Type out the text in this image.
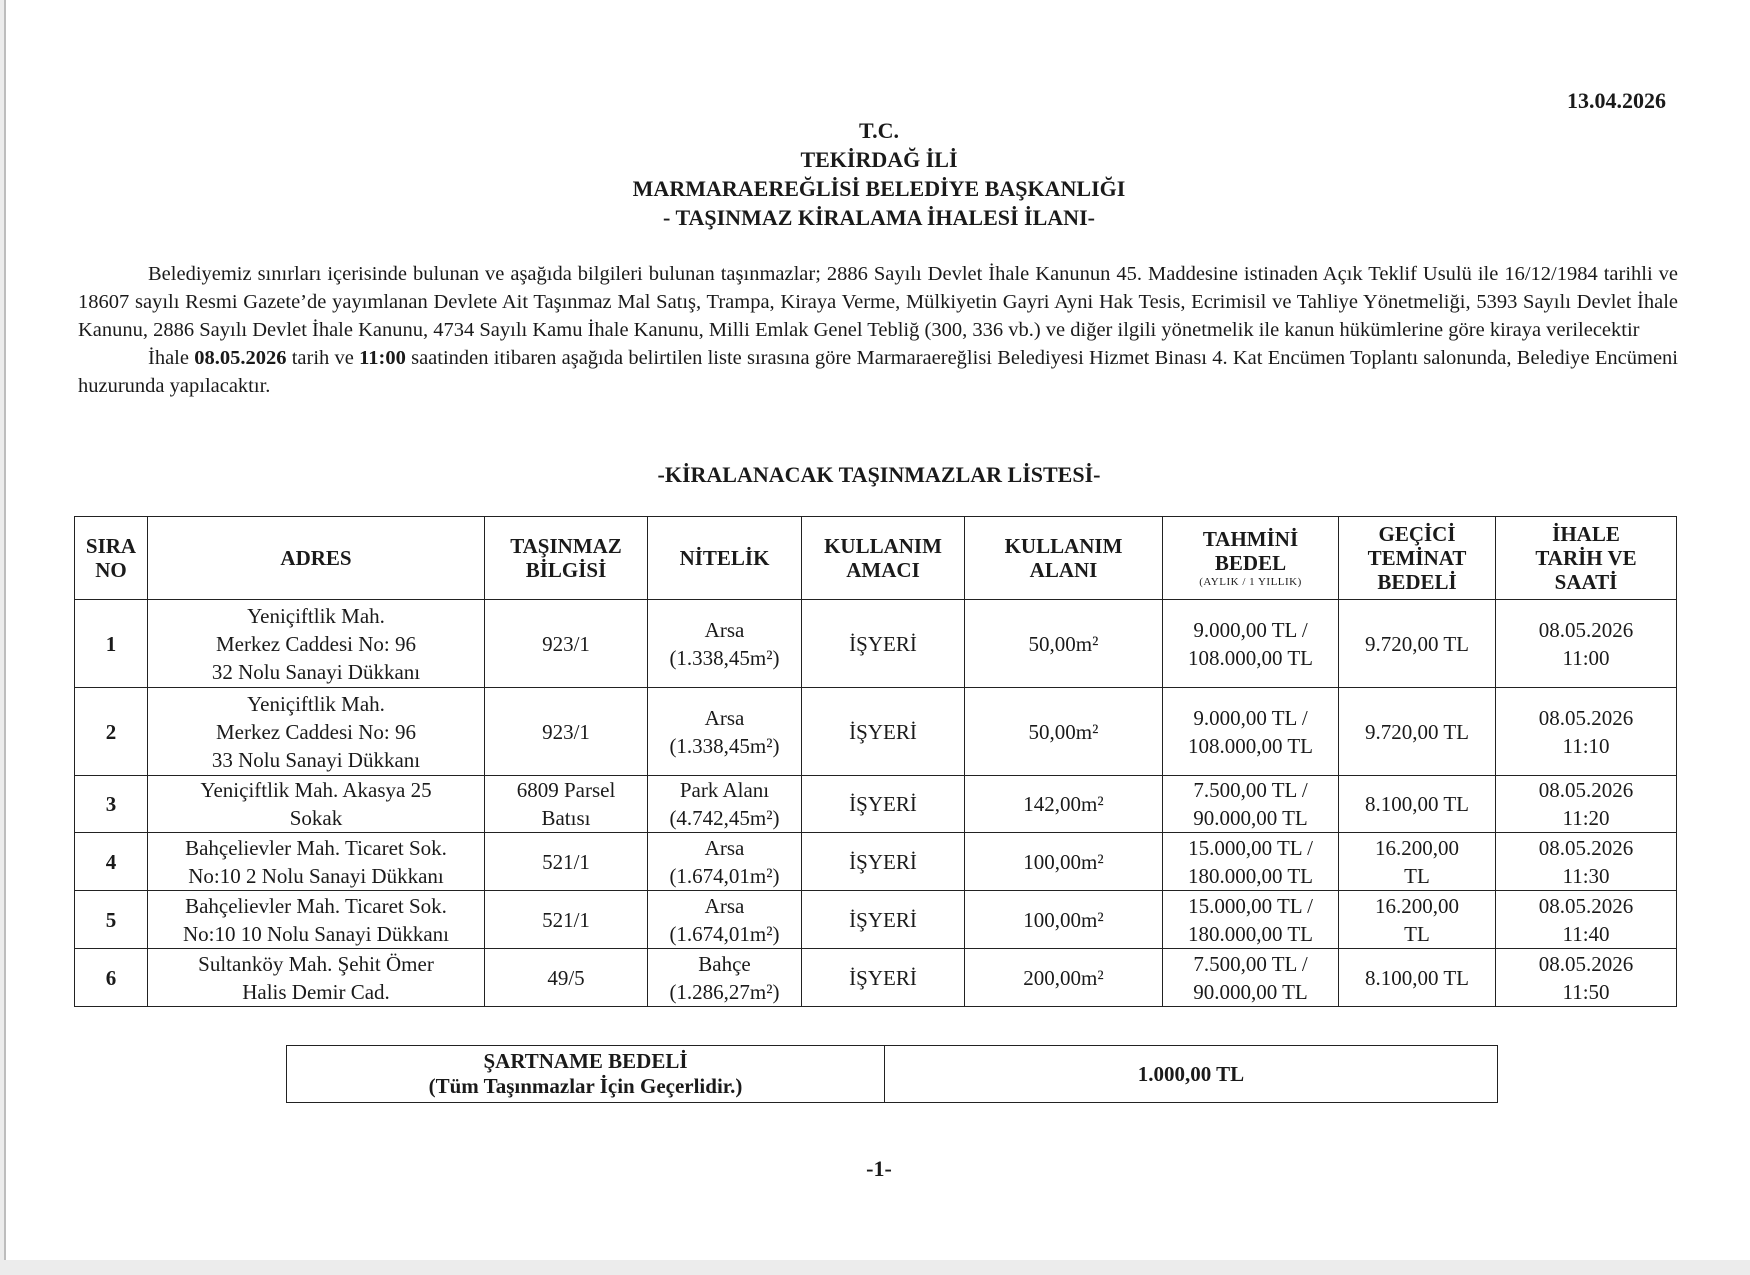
13.04.2026
T.C.
TEKİRDAĞ İLİ
MARMARAEREĞLİSİ BELEDİYE BAŞKANLIĞI
- TAŞINMAZ KİRALAMA İHALESİ İLANI-

Belediyemiz sınırları içerisinde bulunan ve aşağıda bilgileri bulunan taşınmazlar; 2886 Sayılı Devlet İhale Kanunun 45. Maddesine istinaden Açık Teklif Usulü ile 16/12/1984 tarihli ve 18607 sayılı Resmi Gazete’de yayımlanan Devlete Ait Taşınmaz Mal Satış, Trampa, Kiraya Verme, Mülkiyetin Gayri Ayni Hak Tesis, Ecrimisil ve Tahliye Yönetmeliği, 5393 Sayılı Devlet İhale Kanunu, 2886 Sayılı Devlet İhale Kanunu, 4734 Sayılı Kamu İhale Kanunu, Milli Emlak Genel Tebliğ (300, 336 vb.) ve diğer ilgili yönetmelik ile kanun hükümlerine göre kiraya verilecektir

İhale 08.05.2026 tarih ve 11:00 saatinden itibaren aşağıda belirtilen liste sırasına göre Marmaraereğlisi Belediyesi Hizmet Binası 4. Kat Encümen Toplantı salonunda, Belediye Encümeni huzurunda yapılacaktır.

-KİRALANACAK TAŞINMAZLAR LİSTESİ-
SIRA
NO	ADRES	TAŞINMAZ
BİLGİSİ	NİTELİK	KULLANIM
AMACI	KULLANIM
ALANI	TAHMİNİ
BEDEL
(AYLIK / 1 YILLIK)	GEÇİCİ
TEMİNAT
BEDELİ	İHALE
TARİH VE
SAATİ
1	Yeniçiftlik Mah.
Merkez Caddesi No: 96
32 Nolu Sanayi Dükkanı	923/1	Arsa
(1.338,45m²)	İŞYERİ	50,00m²	9.000,00 TL /
108.000,00 TL	9.720,00 TL	08.05.2026
11:00

2	Yeniçiftlik Mah.
Merkez Caddesi No: 96
33 Nolu Sanayi Dükkanı	923/1	Arsa
(1.338,45m²)	İŞYERİ	50,00m²	9.000,00 TL /
108.000,00 TL	9.720,00 TL	08.05.2026
11:10

3	Yeniçiftlik Mah. Akasya 25
Sokak	6809 Parsel
Batısı	Park Alanı
(4.742,45m²)	İŞYERİ	142,00m²	7.500,00 TL /
90.000,00 TL	8.100,00 TL	08.05.2026
11:20

4	Bahçelievler Mah. Ticaret Sok.
No:10 2 Nolu Sanayi Dükkanı	521/1	Arsa
(1.674,01m²)	İŞYERİ	100,00m²	15.000,00 TL /
180.000,00 TL	16.200,00
TL	08.05.2026
11:30

5	Bahçelievler Mah. Ticaret Sok.
No:10 10 Nolu Sanayi Dükkanı	521/1	Arsa
(1.674,01m²)	İŞYERİ	100,00m²	15.000,00 TL /
180.000,00 TL	16.200,00
TL	08.05.2026
11:40

6	Sultanköy Mah. Şehit Ömer
Halis Demir Cad.	49/5	Bahçe
(1.286,27m²)	İŞYERİ	200,00m²	7.500,00 TL /
90.000,00 TL	8.100,00 TL	08.05.2026
11:50
ŞARTNAME BEDELİ
(Tüm Taşınmazlar İçin Geçerlidir.)	1.000,00 TL
-1-
